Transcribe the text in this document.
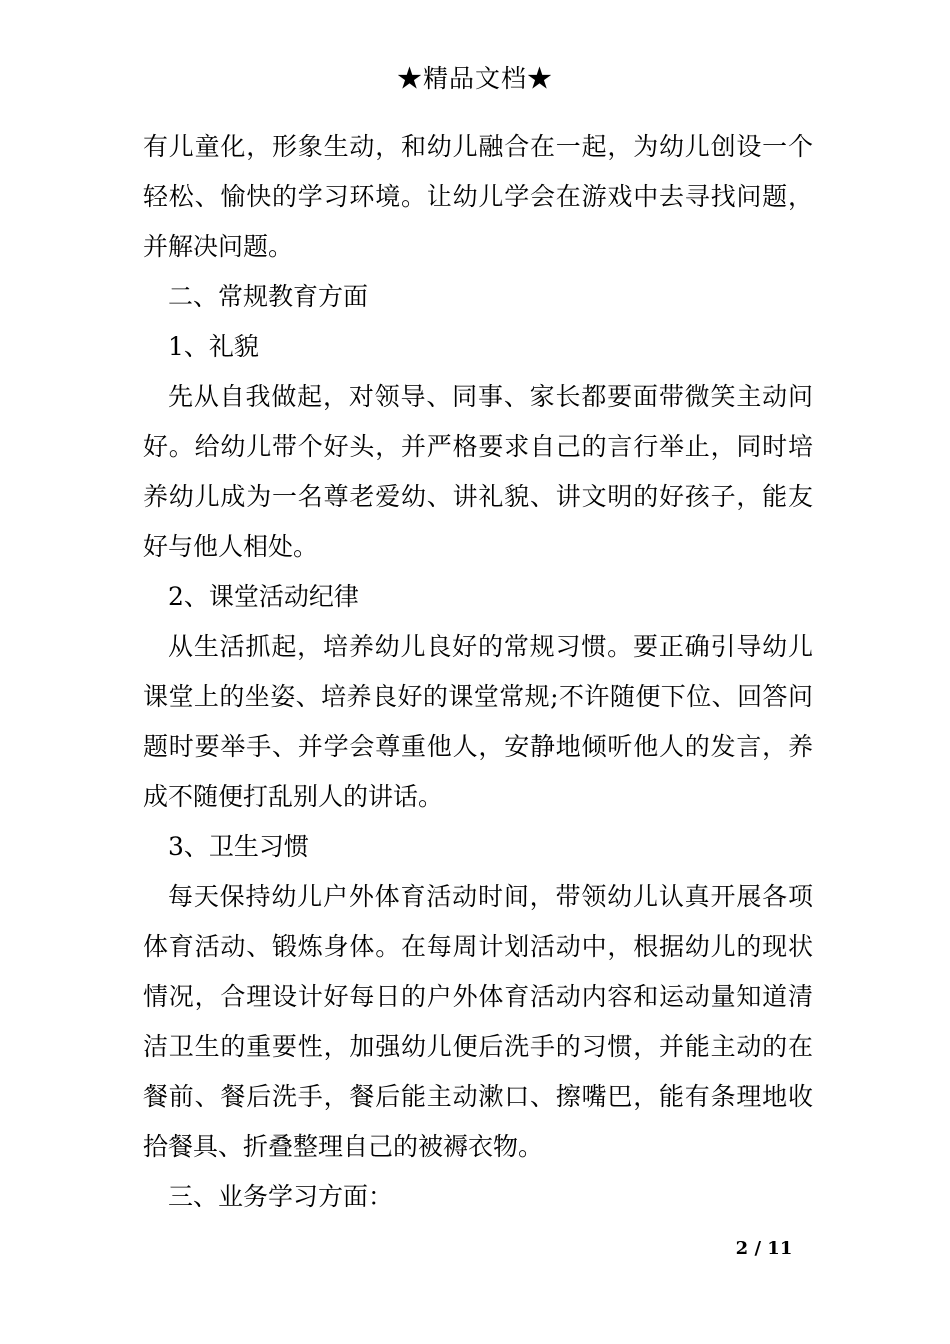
★精品文档★

有儿童化，形象生动，和幼儿融合在一起，为幼儿创设一个轻松、愉快的学习环境。让幼儿学会在游戏中去寻找问题，并解决问题。

二、常规教育方面

1、礼貌

先从自我做起，对领导、同事、家长都要面带微笑主动问好。给幼儿带个好头，并严格要求自己的言行举止，同时培养幼儿成为一名尊老爱幼、讲礼貌、讲文明的好孩子，能友好与他人相处。

2、课堂活动纪律

从生活抓起，培养幼儿良好的常规习惯。要正确引导幼儿课堂上的坐姿、培养良好的课堂常规;不许随便下位、回答问题时要举手、并学会尊重他人，安静地倾听他人的发言，养成不随便打乱别人的讲话。

3、卫生习惯

每天保持幼儿户外体育活动时间，带领幼儿认真开展各项体育活动、锻炼身体。在每周计划活动中，根据幼儿的现状情况，合理设计好每日的户外体育活动内容和运动量知道清洁卫生的重要性，加强幼儿便后洗手的习惯，并能主动的在餐前、餐后洗手，餐后能主动漱口、擦嘴巴，能有条理地收拾餐具、折叠整理自己的被褥衣物。

三、业务学习方面：

2 / 11
